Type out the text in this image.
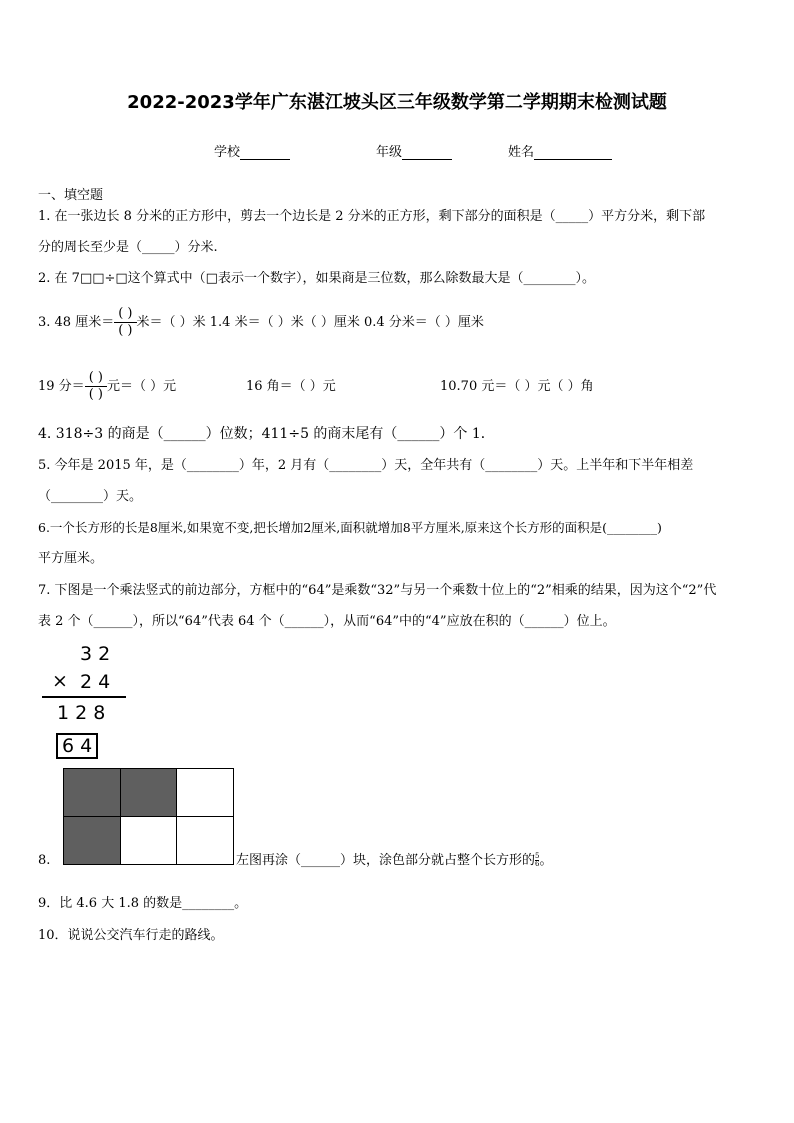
2022-2023学年广东湛江坡头区三年级数学第二学期期末检测试题
学校	年级	姓名
一、填空题
1. 在一张边长 8 分米的正方形中，剪去一个边长是 2 分米的正方形，剩下部分的面积是（_____）平方分米，剩下部
分的周长至少是（_____）分米.
2. 在 7□□÷□这个算式中（□表示一个数字），如果商是三位数，那么除数最大是（________）。
3. 48 厘米＝ $\frac{( )}{( )}$ 米＝（ ）米 1.4 米＝（ ）米（ ）厘米 0.4 分米＝（ ）厘米
19 分＝ $\frac{( )}{( )}$ 元＝（ ）元	16 角＝（ ）元	10.70 元＝（ ）元（ ）角
4. 318÷3 的商是（______）位数；411÷5 的商末尾有（______）个 1．
5. 今年是 2015 年，是（________）年，2 月有（________）天，全年共有（________）天。上半年和下半年相差
（________）天。
6.一个长方形的长是8厘米,如果宽不变,把长增加2厘米,面积就增加8平方厘米,原来这个长方形的面积是(________)
平方厘米。
7. 下图是一个乘法竖式的前边部分，方框中的“64”是乘数“32”与另一个乘数十位上的“2”相乘的结果，因为这个“2”代
表 2 个（______），所以“64”代表 64 个（______），从而“64”中的“4”应放在积的（______）位上。
3 2
× 2 4
1 2 8
6 4
8.	左图再涂（______）块，涂色部分就占整个长方形的 $\frac{5}{6}$ 。
9．比 4.6 大 1.8 的数是________。
10．说说公交汽车行走的路线。
